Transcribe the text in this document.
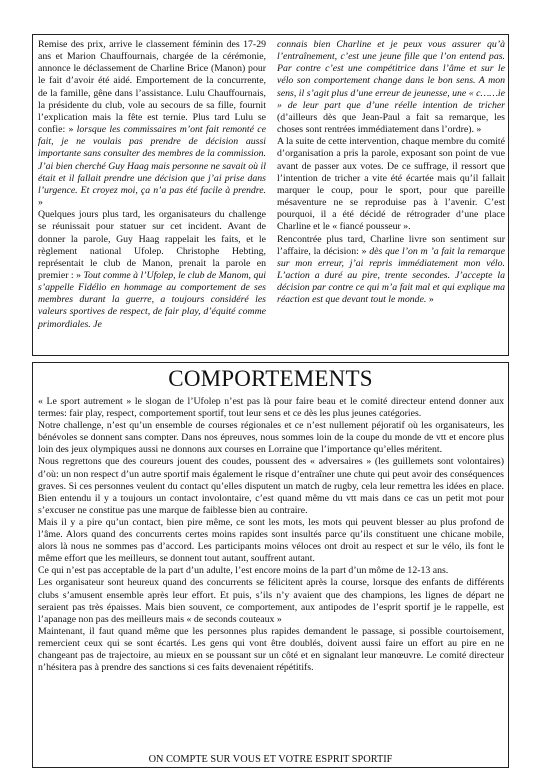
Remise des prix, arrive le classement féminin des 17-29 ans et Marion Chauffournais, chargée de la cérémonie, annonce le déclassement de Charline Brice (Manon) pour le fait d’avoir été aidé. Emportement de la concurrente, de la famille, gêne dans l’assistance. Lulu Chauffournais, la présidente du club, vole au secours de sa fille, fournit l’explication mais la fête est ternie. Plus tard Lulu se confie: » lorsque les commissaires m’ont fait remonté ce fait, je ne voulais pas prendre de décision aussi importante sans consulter des membres de la commission. J’ai bien cherché Guy Haag mais personne ne savait où il était et il fallait prendre une décision que j’ai prise dans l’urgence. Et croyez moi, ça n’a pas été facile à prendre. »
Quelques jours plus tard, les organisateurs du challenge se réunissait pour statuer sur cet incident. Avant de donner la parole, Guy Haag rappelait les faits, et le règlement national Ufolep. Christophe Hebting, représentait le club de Manon, prenait la parole en premier : » Tout comme à l’Ufolep, le club de Manom, qui s’appelle Fidélio en hommage au comportement de ses membres durant la guerre, a toujours considéré les valeurs sportives de respect, de fair play, d’équité comme primordiales. Je

connais bien Charline et je peux vous assurer qu’à l’entraînement, c’est une jeune fille que l’on entend pas. Par contre c’est une compétitrice dans l’âme et sur le vélo son comportement change dans le bon sens. A mon sens, il s’agit plus d’une erreur de jeunesse, une « c……ie » de leur part que d’une réelle intention de tricher (d’ailleurs dès que Jean-Paul a fait sa remarque, les choses sont rentrées immédiatement dans l’ordre). »
A la suite de cette intervention, chaque membre du comité d’organisation a pris la parole, exposant son point de vue avant de passer aux votes. De ce suffrage, il ressort que l’intention de tricher a vite été écartée mais qu’il fallait marquer le coup, pour le sport, pour que pareille mésaventure ne se reproduise pas à l’avenir. C’est pourquoi, il a été décidé de rétrograder d’une place Charline et le « fiancé pousseur ».
Rencontrée plus tard, Charline livre son sentiment sur l’affaire, la décision: » dès que l’on m ’a fait la remarque sur mon erreur, j’ai repris immédiatement mon vélo. L’action a duré au pire, trente secondes. J’accepte la décision par contre ce qui m’a fait mal et qui explique ma réaction est que devant tout le monde. »

COMPORTEMENTS

« Le sport autrement » le slogan de l’Ufolep n’est pas là pour faire beau et le comité directeur entend donner aux termes: fair play, respect, comportement sportif, tout leur sens et ce dès les plus jeunes catégories.

Notre challenge, n’est qu’un ensemble de courses régionales et ce n’est nullement péjoratif où les organisateurs, les bénévoles se donnent sans compter. Dans nos épreuves, nous sommes loin de la coupe du monde de vtt et encore plus loin des jeux olympiques aussi ne donnons aux courses en Lorraine que l’importance qu’elles méritent.

Nous regrettons que des coureurs jouent des coudes, poussent des « adversaires » (les guillemets sont volontaires) d’où: un non respect d’un autre sportif mais également le risque d’entraîner une chute qui peut avoir des conséquences graves. Si ces personnes veulent du contact qu’elles disputent un match de rugby, cela leur remettra les idées en place. Bien entendu il y a toujours un contact involontaire, c’est quand même du vtt mais dans ce cas un petit mot pour s’excuser ne constitue pas une marque de faiblesse bien au contraire.

Mais il y a pire qu’un contact, bien pire même, ce sont les mots, les mots qui peuvent blesser au plus profond de l’âme. Alors quand des concurrents certes moins rapides sont insultés parce qu’ils constituent une chicane mobile, alors là nous ne sommes pas d’accord. Les participants moins véloces ont droit au respect et sur le vélo, ils font le même effort que les meilleurs, se donnent tout autant, souffrent autant.

Ce qui n’est pas acceptable de la part d’un adulte, l’est encore moins de la part d’un môme de 12-13 ans.

Les organisateur sont heureux quand des concurrents se félicitent après la course, lorsque des enfants de différents clubs s’amusent ensemble après leur effort. Et puis, s’ils n’y avaient que des champions, les lignes de départ ne seraient pas très épaisses. Mais bien souvent, ce comportement, aux antipodes de l’esprit sportif je le rappelle, est l’apanage non pas des meilleurs mais « de seconds couteaux »

Maintenant, il faut quand même que les personnes plus rapides demandent le passage, si possible courtoisement, remercient ceux qui se sont écartés. Les gens qui vont être doublés, doivent aussi faire un effort au pire en ne changeant pas de trajectoire, au mieux en se poussant sur un côté et en signalant leur manœuvre. Le comité directeur n’hésitera pas à prendre des sanctions si ces faits devenaient répétitifs.

ON COMPTE SUR VOUS ET VOTRE ESPRIT SPORTIF
